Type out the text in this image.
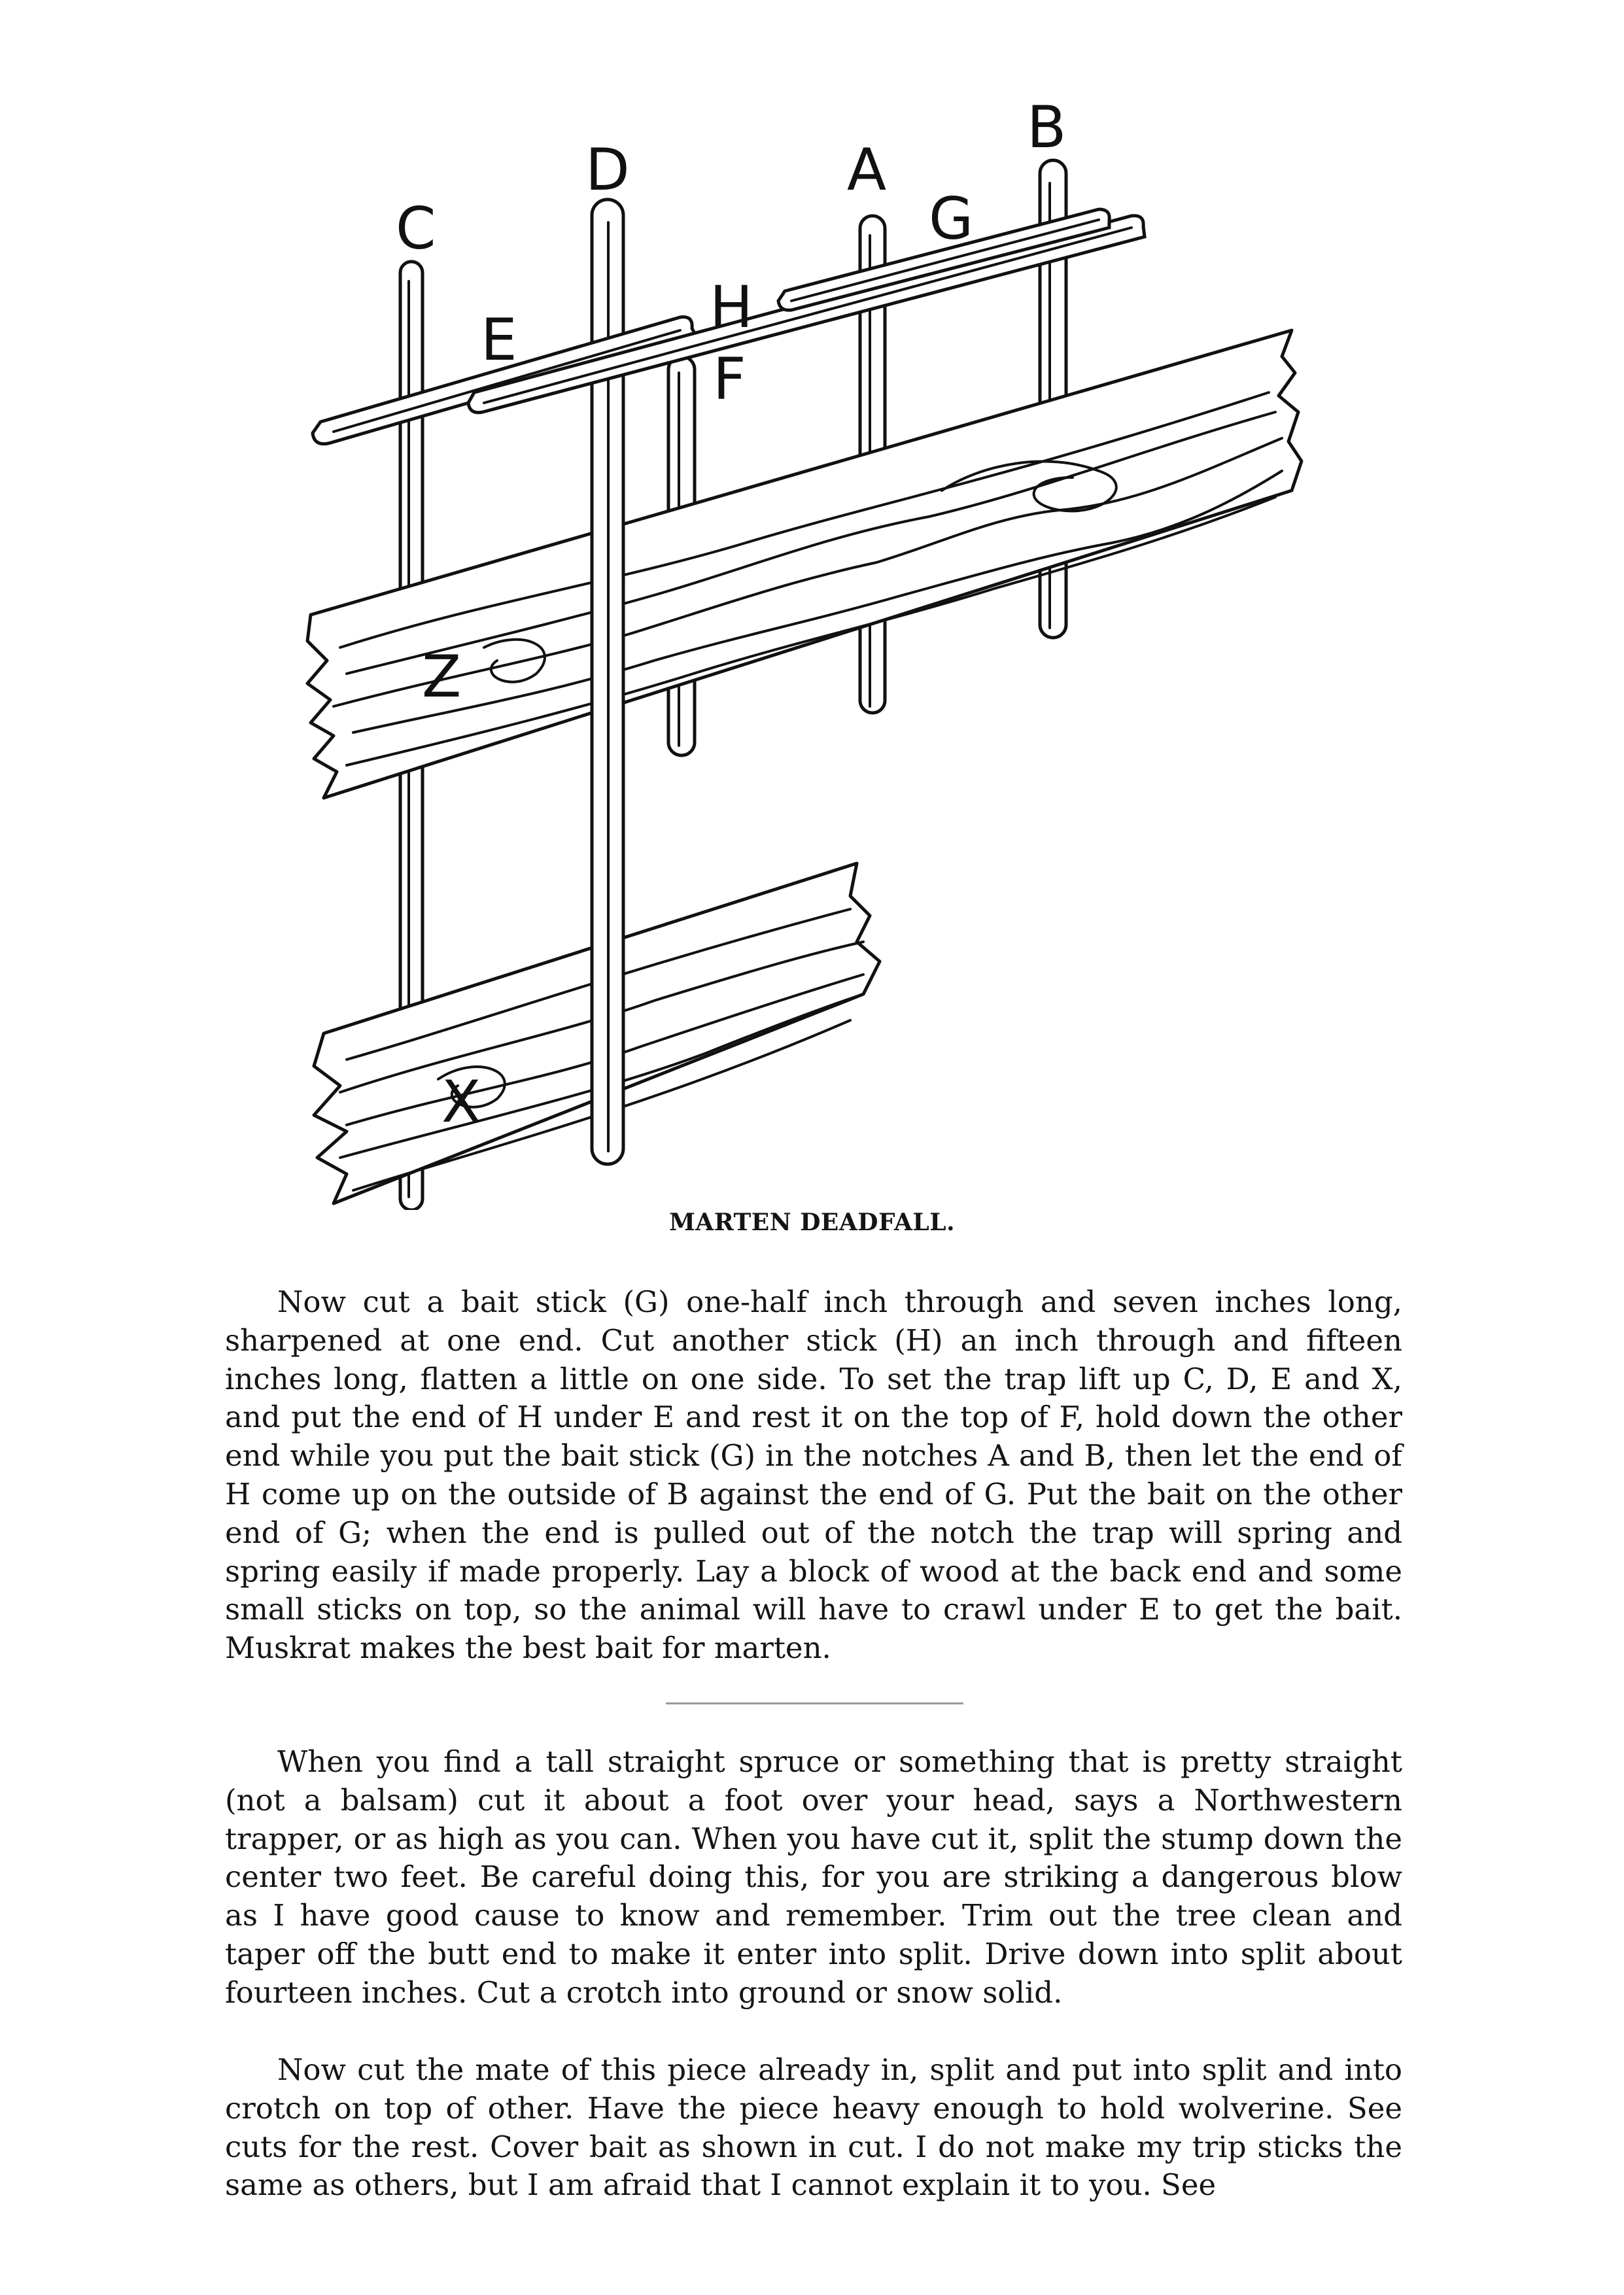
Z
X
C
D
E	H
F
A
G
B
MARTEN DEADFALL.

Now cut a bait stick (G) one-half inch through and seven inches long, sharpened at one end. Cut another stick (H) an inch through and fifteen inches long, flatten a little on one side. To set the trap lift up C, D, E and X, and put the end of H under E and rest it on the top of F, hold down the other end while you put the bait stick (G) in the notches A and B, then let the end of H come up on the outside of B against the end of G. Put the bait on the other end of G; when the end is pulled out of the notch the trap will spring and spring easily if made properly. Lay a block of wood at the back end and some small sticks on top, so the animal will have to crawl under E to get the bait. Muskrat makes the best bait for marten.

When you find a tall straight spruce or something that is pretty straight (not a balsam) cut it about a foot over your head, says a Northwestern trapper, or as high as you can. When you have cut it, split the stump down the center two feet. Be careful doing this, for you are striking a dangerous blow as I have good cause to know and remember. Trim out the tree clean and taper off the butt end to make it enter into split. Drive down into split about fourteen inches. Cut a crotch into ground or snow solid.

Now cut the mate of this piece already in, split and put into split and into crotch on top of other. Have the piece heavy enough to hold wolverine. See cuts for the rest. Cover bait as shown in cut. I do not make my trip sticks the same as others, but I am afraid that I cannot explain it to you. See
